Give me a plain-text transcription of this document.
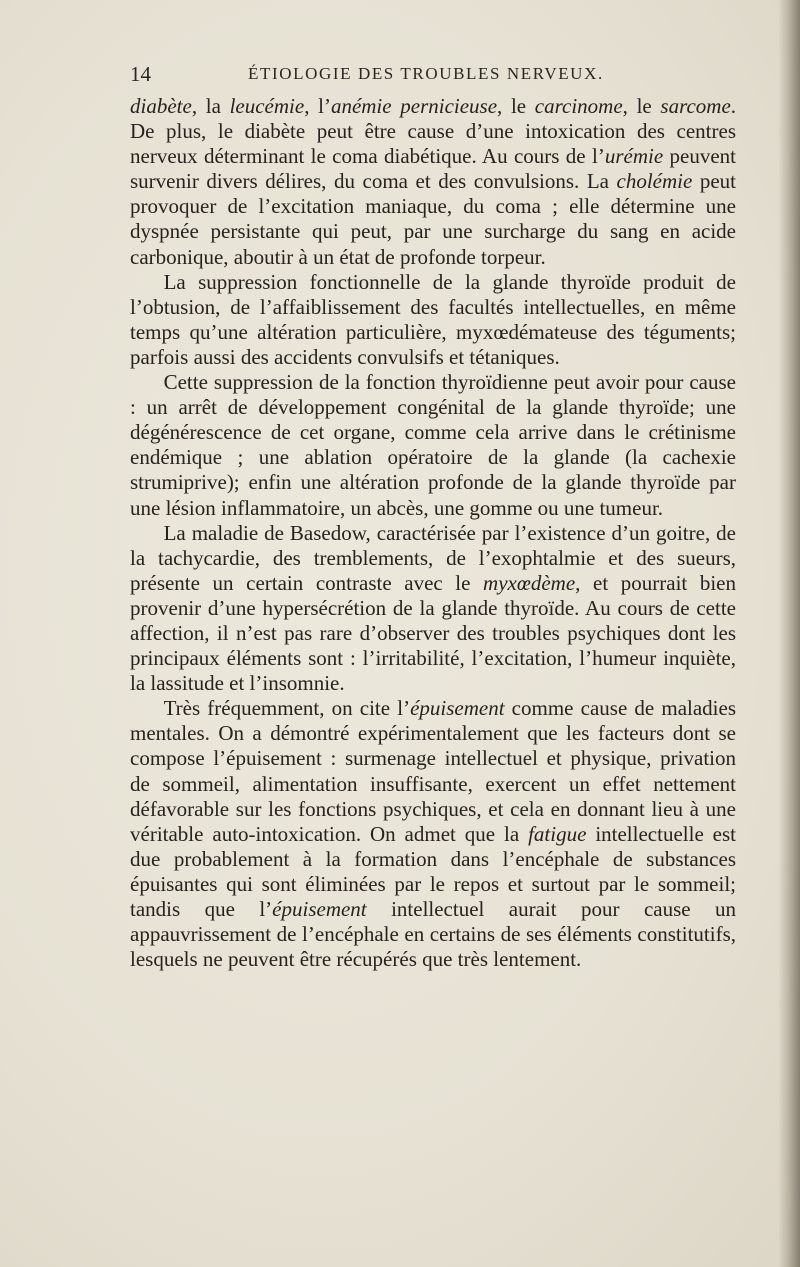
14	ÉTIOLOGIE DES TROUBLES NERVEUX.

diabète, la leucémie, l’anémie pernicieuse, le carcinome, le sarcome. De plus, le diabète peut être cause d’une intoxication des centres nerveux déterminant le coma diabétique. Au cours de l’urémie peuvent survenir divers délires, du coma et des convulsions. La cholémie peut provoquer de l’excitation maniaque, du coma ; elle détermine une dyspnée persistante qui peut, par une surcharge du sang en acide carbonique, aboutir à un état de profonde torpeur.

La suppression fonctionnelle de la glande thyroïde produit de l’obtusion, de l’affaiblissement des facultés intellectuelles, en même temps qu’une altération particulière, myxœdémateuse des téguments; parfois aussi des accidents convulsifs et tétaniques.

Cette suppression de la fonction thyroïdienne peut avoir pour cause : un arrêt de développement congénital de la glande thyroïde; une dégénérescence de cet organe, comme cela arrive dans le crétinisme endémique ; une ablation opératoire de la glande (la cachexie strumiprive); enfin une altération profonde de la glande thyroïde par une lésion inflammatoire, un abcès, une gomme ou une tumeur.

La maladie de Basedow, caractérisée par l’existence d’un goitre, de la tachycardie, des tremblements, de l’exophtalmie et des sueurs, présente un certain contraste avec le myxœdème, et pourrait bien provenir d’une hypersécrétion de la glande thyroïde. Au cours de cette affection, il n’est pas rare d’observer des troubles psychiques dont les principaux éléments sont : l’irritabilité, l’excitation, l’humeur inquiète, la lassitude et l’insomnie.

Très fréquemment, on cite l’épuisement comme cause de maladies mentales. On a démontré expérimentalement que les facteurs dont se compose l’épuisement : surmenage intellectuel et physique, privation de sommeil, alimentation insuffisante, exercent un effet nettement défavorable sur les fonctions psychiques, et cela en donnant lieu à une véritable auto-intoxication. On admet que la fatigue intellectuelle est due probablement à la formation dans l’encéphale de substances épuisantes qui sont éliminées par le repos et surtout par le sommeil; tandis que l’épuisement intellectuel aurait pour cause un appauvrissement de l’encéphale en certains de ses éléments constitutifs, lesquels ne peuvent être récupérés que très lentement.
